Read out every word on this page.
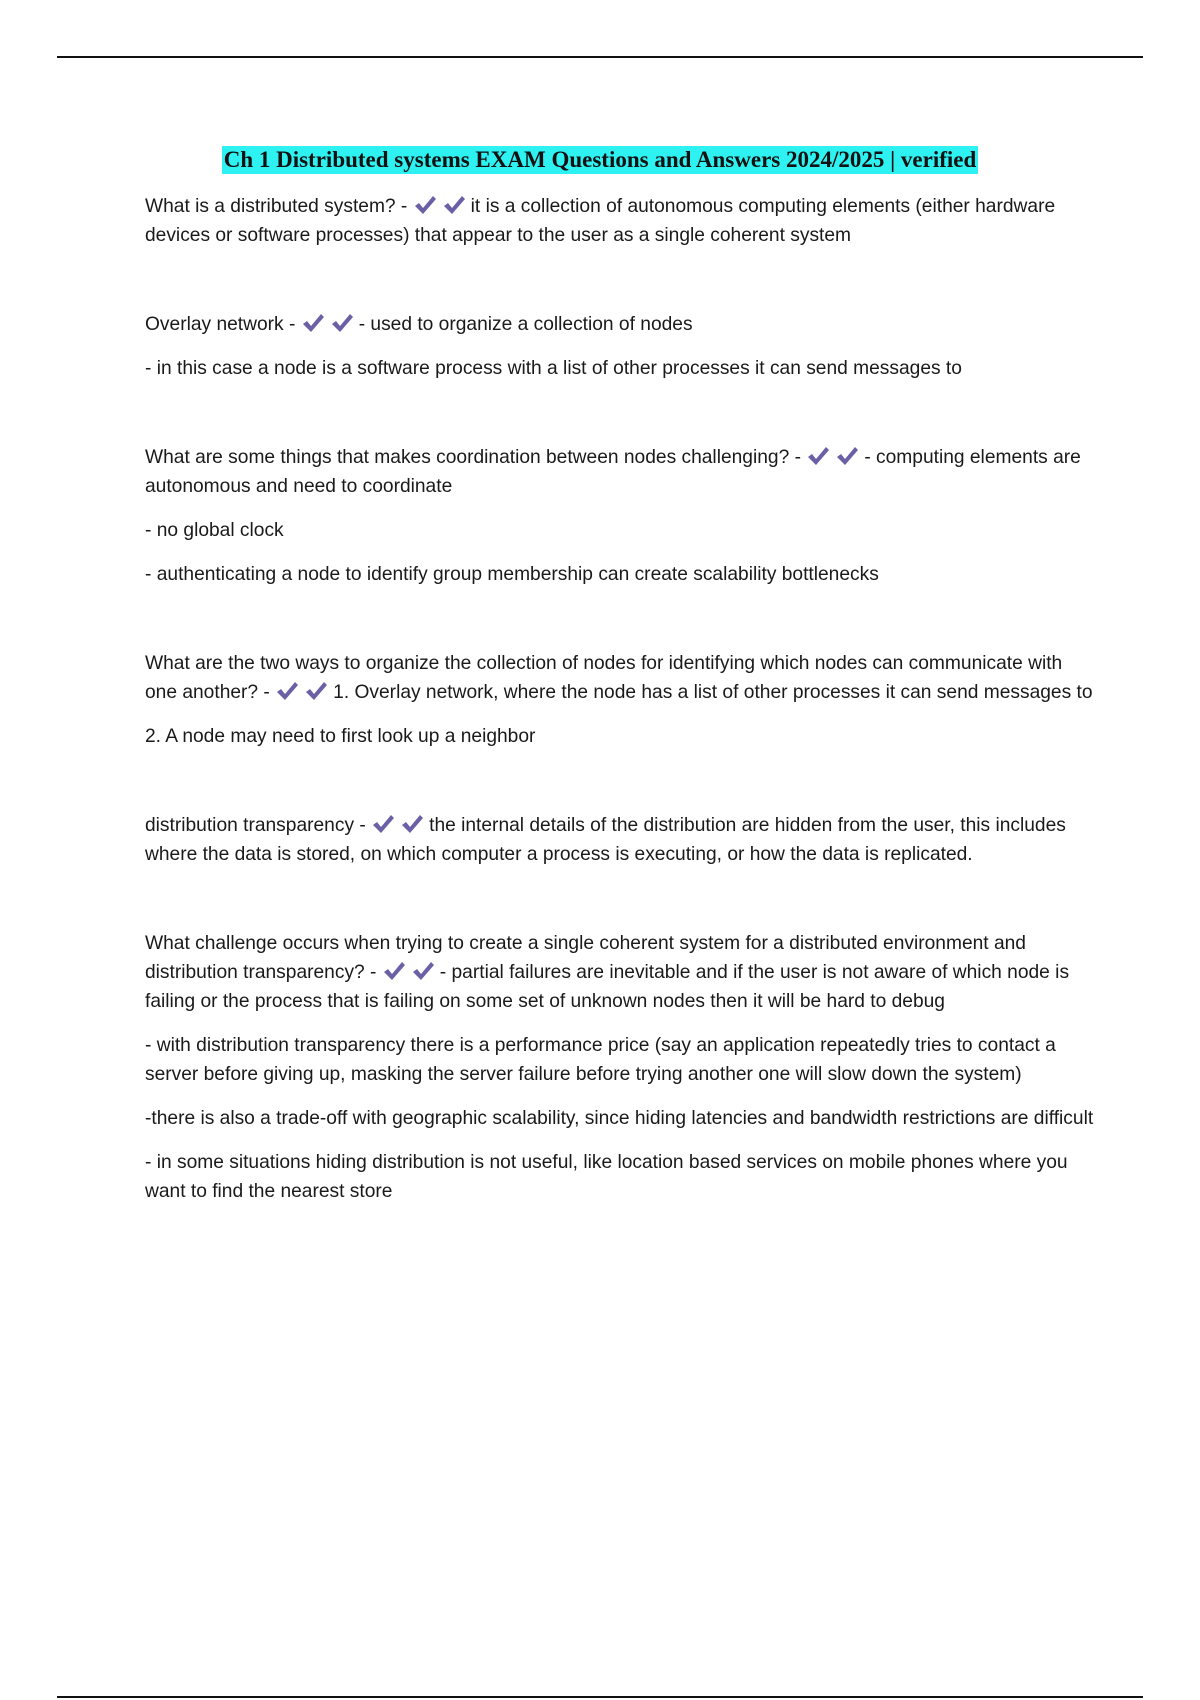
Ch 1 Distributed systems EXAM Questions and Answers 2024/2025 | verified

What is a distributed system? -	it is a collection of autonomous computing elements (either hardware devices or software processes) that appear to the user as a single coherent system

Overlay network -	- used to organize a collection of nodes

- in this case a node is a software process with a list of other processes it can send messages to

What are some things that makes coordination between nodes challenging? -	- computing elements are autonomous and need to coordinate

- no global clock

- authenticating a node to identify group membership can create scalability bottlenecks

What are the two ways to organize the collection of nodes for identifying which nodes can communicate with one another? -	1. Overlay network, where the node has a list of other processes it can send messages to

2. A node may need to first look up a neighbor

distribution transparency -	the internal details of the distribution are hidden from the user, this includes where the data is stored, on which computer a process is executing, or how the data is replicated.

What challenge occurs when trying to create a single coherent system for a distributed environment and distribution transparency? -	- partial failures are inevitable and if the user is not aware of which node is failing or the process that is failing on some set of unknown nodes then it will be hard to debug

- with distribution transparency there is a performance price (say an application repeatedly tries to contact a server before giving up, masking the server failure before trying another one will slow down the system)

-there is also a trade-off with geographic scalability, since hiding latencies and bandwidth restrictions are difficult

- in some situations hiding distribution is not useful, like location based services on mobile phones where you want to find the nearest store
